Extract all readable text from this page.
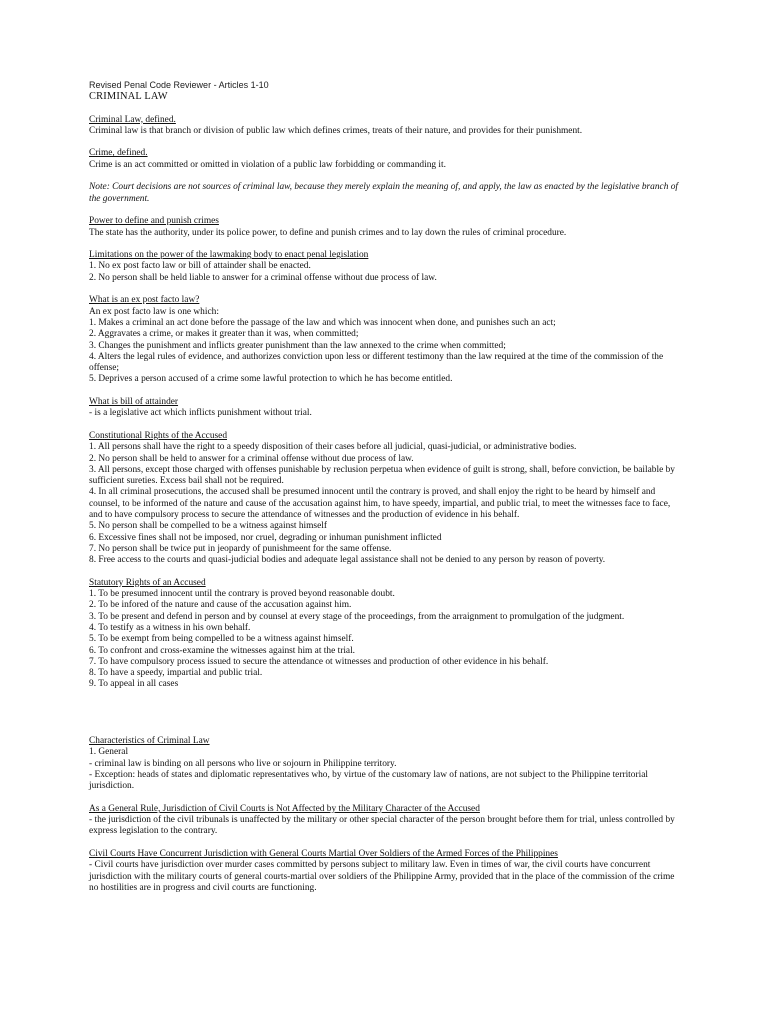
Revised Penal Code Reviewer - Articles 1-10
CRIMINAL LAW
Criminal Law, defined.
Criminal law is that branch or division of public law which defines crimes, treats of their nature, and provides for their punishment.
Crime, defined.
Crime is an act committed or omitted in violation of a public law forbidding or commanding it.
Note: Court decisions are not sources of criminal law, because they merely explain the meaning of, and apply, the law as enacted by the legislative branch of the government.
Power to define and punish crimes
The state has the authority, under its police power, to define and punish crimes and to lay down the rules of criminal procedure.
Limitations on the power of the lawmaking body to enact penal legislation
1. No ex post facto law or bill of attainder shall be enacted.
2. No person shall be held liable to answer for a criminal offense without due process of law.
What is an ex post facto law?
An ex post facto law is one which:
1. Makes a criminal an act done before the passage of the law and which was innocent when done, and punishes such an act;
2. Aggravates a crime, or makes it greater than it was, when committed;
3. Changes the punishment and inflicts greater punishment than the law annexed to the crime when committed;
4. Alters the legal rules of evidence, and authorizes conviction upon less or different testimony than the law required at the time of the commission of the offense;
5. Deprives a person accused of a crime some lawful protection to which he has become entitled.
What is bill of attainder
- is a legislative act which inflicts punishment without trial.
Constitutional Rights of the Accused
1. All persons shall have the right to a speedy disposition of their cases before all judicial, quasi-judicial, or administrative bodies.
2. No person shall be held to answer for a criminal offense without due process of law.
3. All persons, except those charged with offenses punishable by reclusion perpetua when evidence of guilt is strong, shall, before conviction, be bailable by sufficient sureties. Excess bail shall not be required.
4. In all criminal prosecutions, the accused shall be presumed innocent until the contrary is proved, and shall enjoy the right to be heard by himself and counsel, to be informed of the nature and cause of the accusation against him, to have speedy, impartial, and public trial, to meet the witnesses face to face, and to have compulsory process to secure the attendance of witnesses and the production of evidence in his behalf.
5. No person shall be compelled to be a witness against himself
6. Excessive fines shall not be imposed, nor cruel, degrading or inhuman punishment inflicted
7. No person shall be twice put in jeopardy of punishmeent for the same offense.
8. Free access to the courts and quasi-judicial bodies and adequate legal assistance shall not be denied to any person by reason of poverty.
Statutory Rights of an Accused
1. To be presumed innocent until the contrary is proved beyond reasonable doubt.
2. To be infored of the nature and cause of the accusation against him.
3. To be present and defend in person and by counsel at every stage of the proceedings, from the arraignment to promulgation of the judgment.
4. To testify as a witness in his own behalf.
5. To be exempt from being compelled to be a witness against himself.
6. To confront and cross-examine the witnesses against him at the trial.
7. To have compulsory process issued to secure the attendance ot witnesses and production of other evidence in his behalf.
8. To have a speedy, impartial and public trial.
9. To appeal in all cases
Characteristics of Criminal Law
1. General
- criminal law is binding on all persons who live or sojourn in Philippine territory.
- Exception: heads of states and diplomatic representatives who, by virtue of the customary law of nations, are not subject to the Philippine territorial jurisdiction.
As a General Rule, Jurisdiction of Civil Courts is Not Affected by the Military Character of the Accused
- the jurisdiction of the civil tribunals is unaffected by the military or other special character of the person brought before them for trial, unless controlled by express legislation to the contrary.
Civil Courts Have Concurrent Jurisdiction with General Courts Martial Over Soldiers of the Armed Forces of the Philippines
- Civil courts have jurisdiction over murder cases committed by persons subject to military law. Even in times of war, the civil courts have concurrent jurisdiction with the military courts of general courts-martial over soldiers of the Philippine Army, provided that in the place of the commission of the crime no hostilities are in progress and civil courts are functioning.
